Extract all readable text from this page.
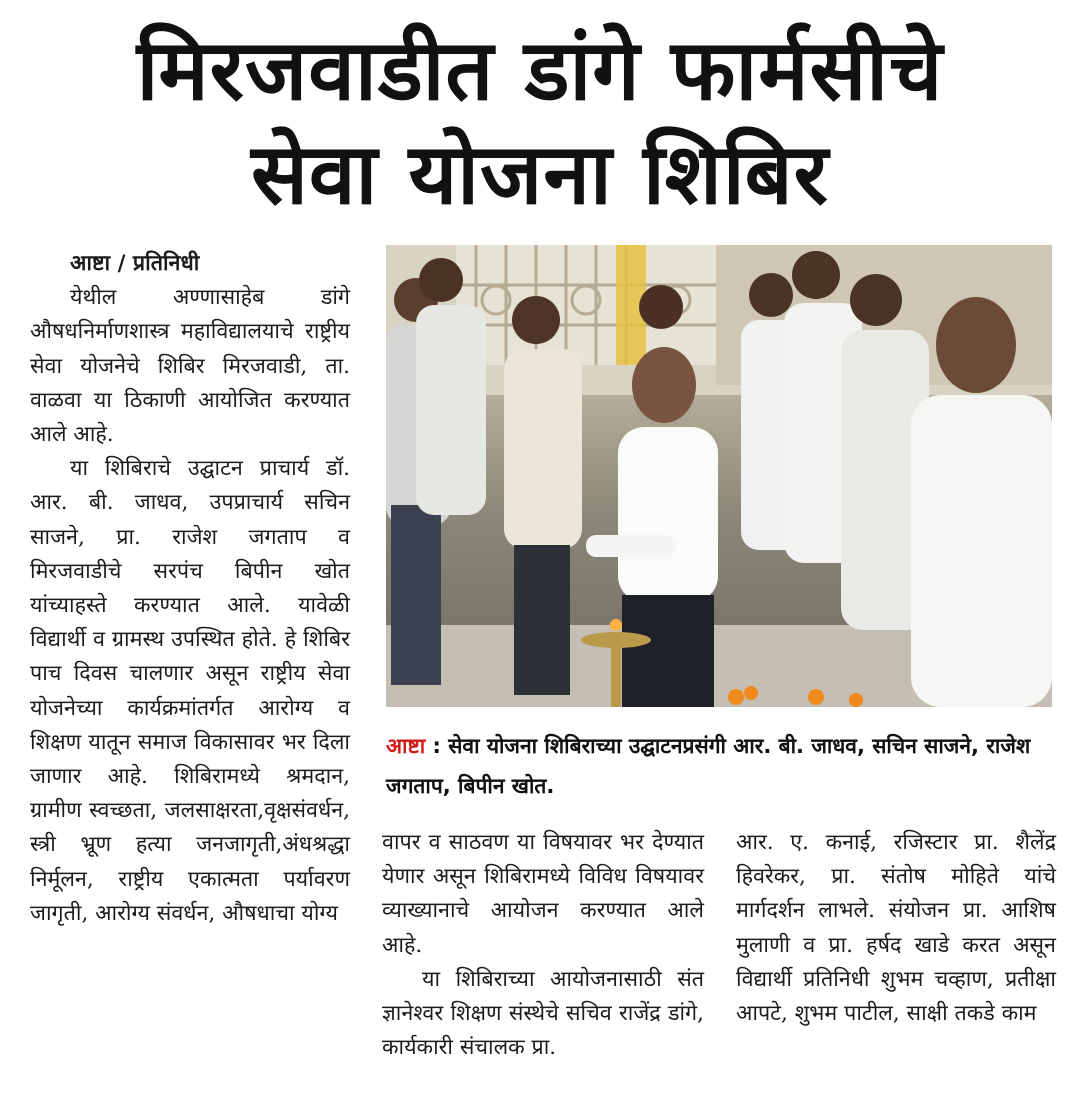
मिरजवाडीत डांगे फार्मसीचे
सेवा योजना शिबिर
आष्टा / प्रतिनिधी

येथील अण्णासाहेब डांगे औषधनिर्माणशास्त्र महाविद्यालयाचे राष्ट्रीय सेवा योजनेचे शिबिर मिरजवाडी, ता. वाळवा या ठिकाणी आयोजित करण्यात आले आहे.

या शिबिराचे उद्घाटन प्राचार्य डॉ. आर. बी. जाधव, उपप्राचार्य सचिन साजने, प्रा. राजेश जगताप व मिरजवाडीचे सरपंच बिपीन खोत यांच्याहस्ते करण्यात आले. यावेळी विद्यार्थी व ग्रामस्थ उपस्थित होते. हे शिबिर पाच दिवस चालणार असून राष्ट्रीय सेवा योजनेच्या कार्यक्रमांतर्गत आरोग्य व शिक्षण यातून समाज विकासावर भर दिला जाणार आहे. शिबिरामध्ये श्रमदान, ग्रामीण स्वच्छता, जलसाक्षरता,वृक्षसंवर्धन, स्त्री भ्रूण हत्या जनजागृती,अंधश्रद्धा निर्मूलन, राष्ट्रीय एकात्मता पर्यावरण जागृती, आरोग्य संवर्धन, औषधाचा योग्य

आष्टा : सेवा योजना शिबिराच्या उद्घाटनप्रसंगी आर. बी. जाधव, सचिन साजने, राजेश जगताप, बिपीन खोत.

वापर व साठवण या विषयावर भर देण्यात येणार असून शिबिरामध्ये विविध विषयावर व्याख्यानाचे आयोजन करण्यात आले आहे.

या शिबिराच्या आयोजनासाठी संत ज्ञानेश्वर शिक्षण संस्थेचे सचिव राजेंद्र डांगे, कार्यकारी संचालक प्रा.

आर. ए. कनाई, रजिस्टार प्रा. शैलेंद्र हिवरेकर, प्रा. संतोष मोहिते यांचे मार्गदर्शन लाभले. संयोजन प्रा. आशिष मुलाणी व प्रा. हर्षद खाडे करत असून विद्यार्थी प्रतिनिधी शुभम चव्हाण, प्रतीक्षा आपटे, शुभम पाटील, साक्षी तकडे काम
